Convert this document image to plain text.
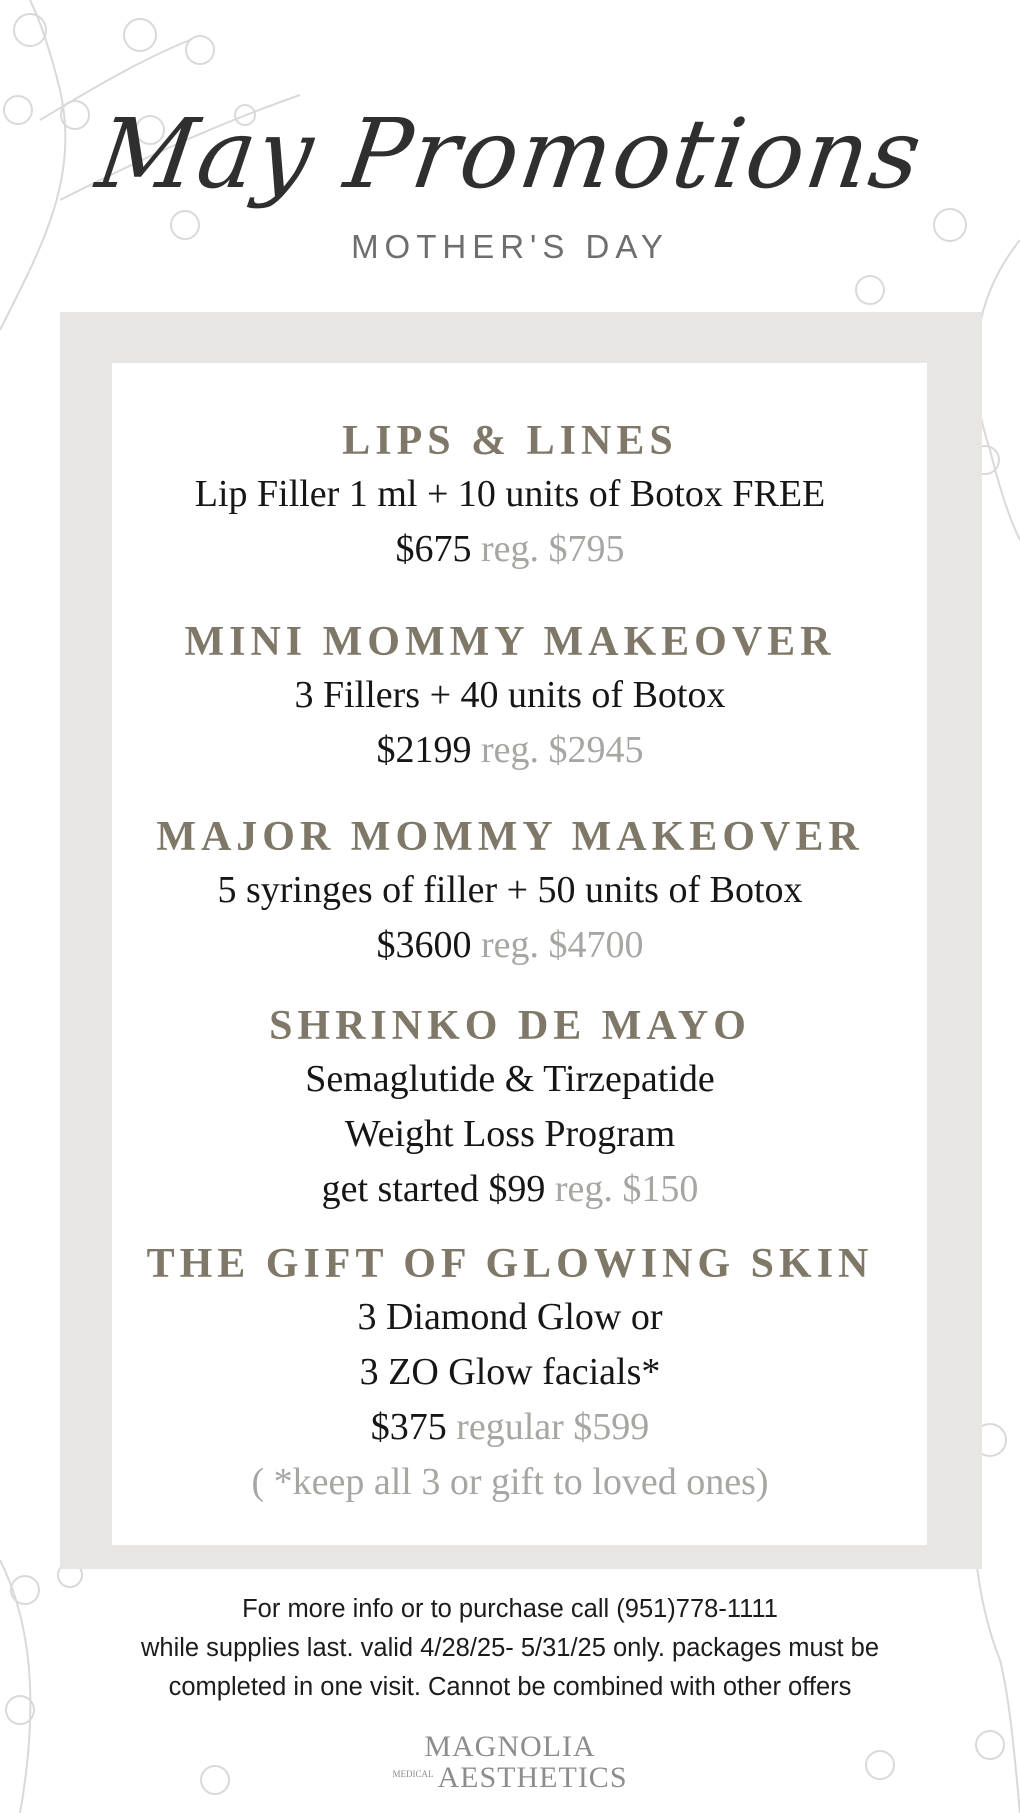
May Promotions
MOTHER'S DAY
LIPS & LINES
Lip Filler 1 ml + 10 units of Botox FREE
$675 reg. $795
MINI MOMMY MAKEOVER
3 Fillers + 40 units of Botox
$2199 reg. $2945
MAJOR MOMMY MAKEOVER
5 syringes of filler + 50 units of Botox
$3600 reg. $4700
SHRINKO DE MAYO
Semaglutide & Tirzepatide
Weight Loss Program
get started $99 reg. $150
THE GIFT OF GLOWING SKIN
3 Diamond Glow or
3 ZO Glow facials*
$375 regular $599
( *keep all 3 or gift to loved ones)
For more info or to purchase call (951)778-1111
while supplies last. valid 4/28/25- 5/31/25 only. packages must be
completed in one visit. Cannot be combined with other offers
MAGNOLIA
$^{MEDICAL}$ AESTHETICS
